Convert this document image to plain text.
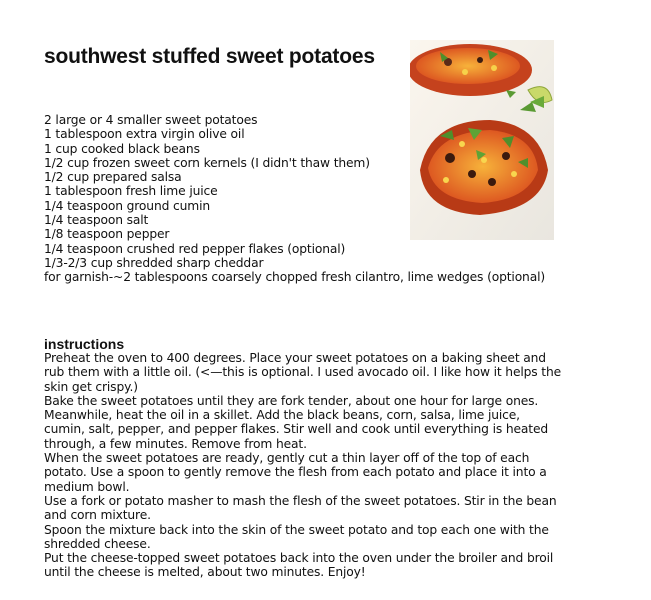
southwest stuffed sweet potatoes
2 large or 4 smaller sweet potatoes
1 tablespoon extra virgin olive oil
1 cup cooked black beans
1/2 cup frozen sweet corn kernels (I didn't thaw them)
1/2 cup prepared salsa
1 tablespoon fresh lime juice
1/4 teaspoon ground cumin
1/4 teaspoon salt
1/8 teaspoon pepper
1/4 teaspoon crushed red pepper flakes (optional)
1/3-2/3 cup shredded sharp cheddar
for garnish-~2 tablespoons coarsely chopped fresh cilantro, lime wedges (optional)
instructions

Preheat the oven to 400 degrees. Place your sweet potatoes on a baking sheet and rub them with a little oil. (<—this is optional. I used avocado oil. I like how it helps the skin get crispy.)

Bake the sweet potatoes until they are fork tender, about one hour for large ones.

Meanwhile, heat the oil in a skillet. Add the black beans, corn, salsa, lime juice, cumin, salt, pepper, and pepper flakes. Stir well and cook until everything is heated through, a few minutes. Remove from heat.

When the sweet potatoes are ready, gently cut a thin layer off of the top of each potato. Use a spoon to gently remove the flesh from each potato and place it into a medium bowl.

Use a fork or potato masher to mash the flesh of the sweet potatoes. Stir in the bean and corn mixture.

Spoon the mixture back into the skin of the sweet potato and top each one with the shredded cheese.

Put the cheese-topped sweet potatoes back into the oven under the broiler and broil until the cheese is melted, about two minutes. Enjoy!
